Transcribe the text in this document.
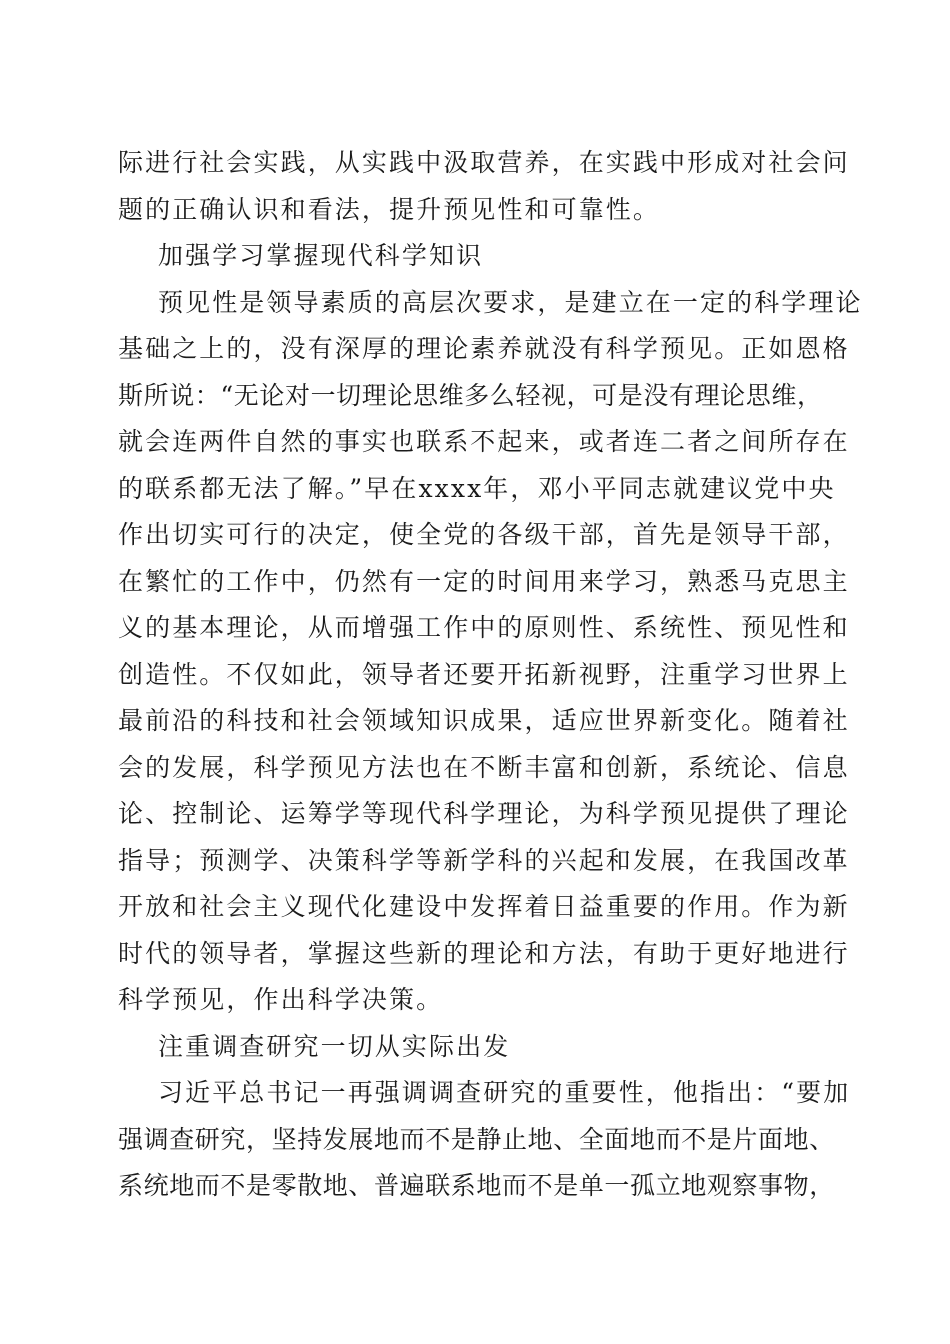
际进行社会实践，从实践中汲取营养，在实践中形成对社会问
题的正确认识和看法，提升预见性和可靠性。
加强学习掌握现代科学知识
预见性是领导素质的高层次要求，是建立在一定的科学理论
基础之上的，没有深厚的理论素养就没有科学预见。正如恩格
斯所说：“无论对一切理论思维多么轻视，可是没有理论思维，
就会连两件自然的事实也联系不起来，或者连二者之间所存在
的联系都无法了解。”早在xxxx年，邓小平同志就建议党中央
作出切实可行的决定，使全党的各级干部，首先是领导干部，
在繁忙的工作中，仍然有一定的时间用来学习，熟悉马克思主
义的基本理论，从而增强工作中的原则性、系统性、预见性和
创造性。不仅如此，领导者还要开拓新视野，注重学习世界上
最前沿的科技和社会领域知识成果，适应世界新变化。随着社
会的发展，科学预见方法也在不断丰富和创新，系统论、信息
论、控制论、运筹学等现代科学理论，为科学预见提供了理论
指导；预测学、决策科学等新学科的兴起和发展，在我国改革
开放和社会主义现代化建设中发挥着日益重要的作用。作为新
时代的领导者，掌握这些新的理论和方法，有助于更好地进行
科学预见，作出科学决策。
注重调查研究一切从实际出发
习近平总书记一再强调调查研究的重要性，他指出：“要加
强调查研究，坚持发展地而不是静止地、全面地而不是片面地、
系统地而不是零散地、普遍联系地而不是单一孤立地观察事物，
